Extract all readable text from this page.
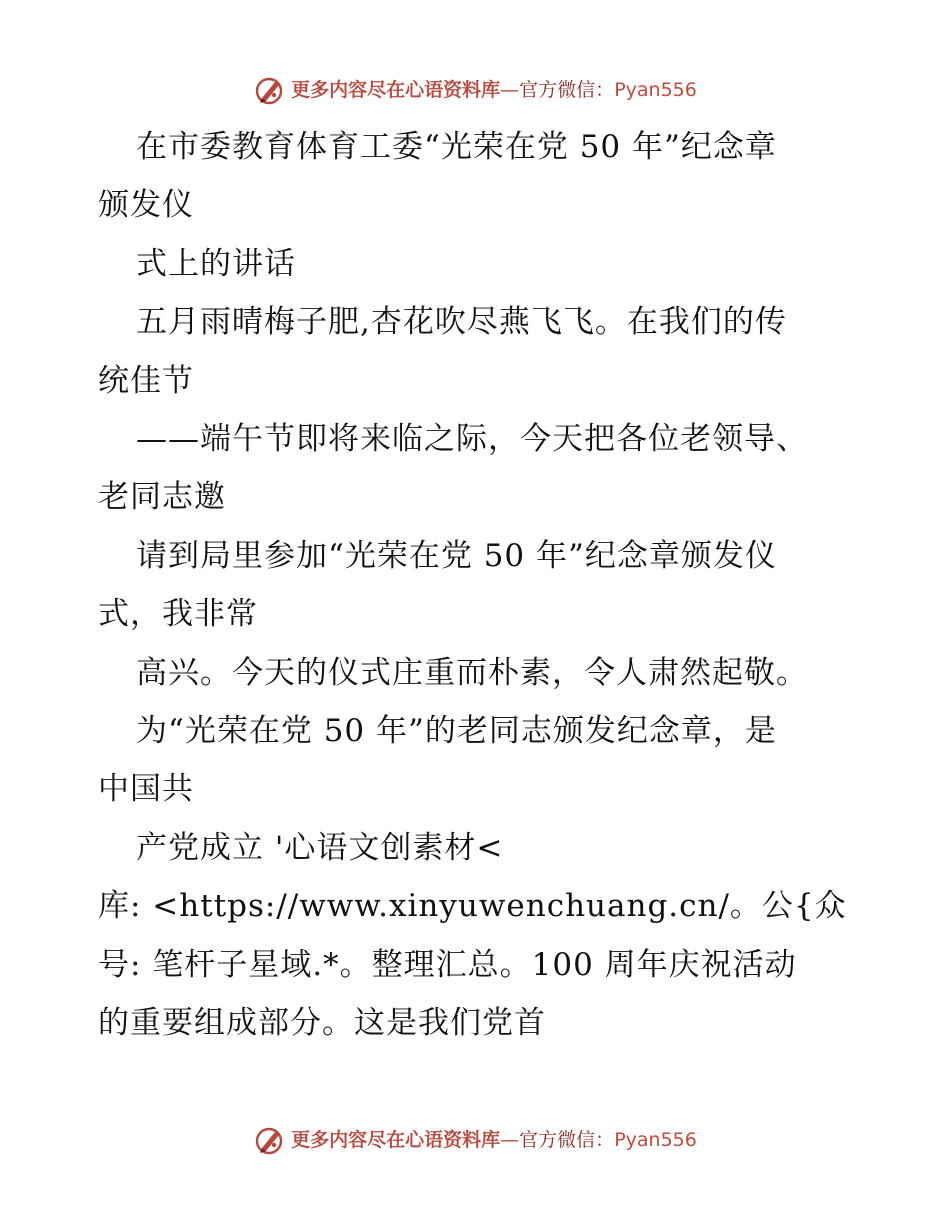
更多内容尽在心语资料库—官方微信：Pyan556
在市委教育体育工委“光荣在党 50 年”纪念章
颁发仪
式上的讲话
五月雨晴梅子肥,杏花吹尽燕飞飞。在我们的传
统佳节
——端午节即将来临之际，今天把各位老领导、
老同志邀
请到局里参加“光荣在党 50 年”纪念章颁发仪
式，我非常
高兴。今天的仪式庄重而朴素，令人肃然起敬。
为“光荣在党 50 年”的老同志颁发纪念章，是
中国共
产党成立 '心语文创素材<
库: <https://www.xinyuwenchuang.cn/。公{众
号: 笔杆子星域.*。整理汇总。100 周年庆祝活动
的重要组成部分。这是我们党首
更多内容尽在心语资料库—官方微信：Pyan556
